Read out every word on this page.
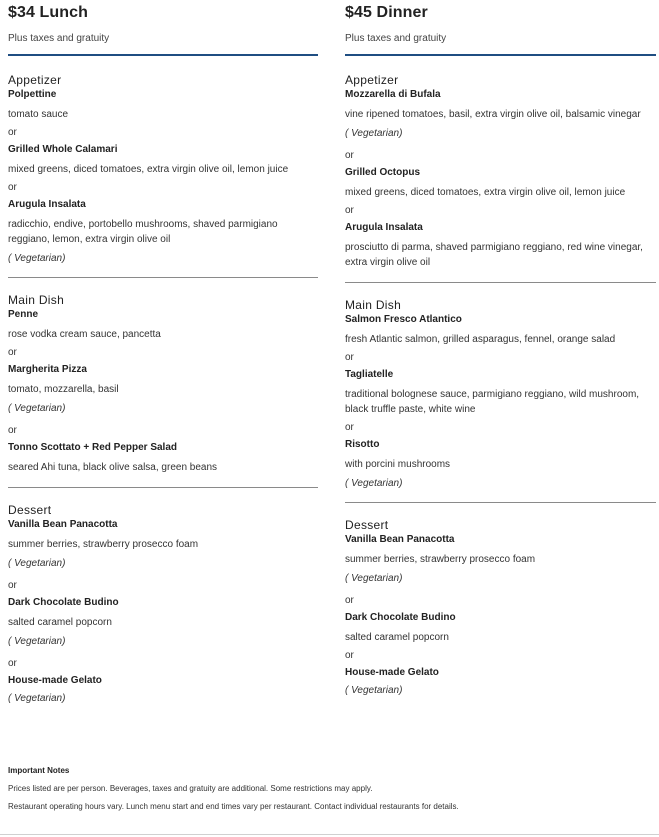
$34 Lunch
Plus taxes and gratuity
Appetizer
Polpettine
tomato sauce
or
Grilled Whole Calamari
mixed greens, diced tomatoes, extra virgin olive oil, lemon juice
or
Arugula Insalata
radicchio, endive, portobello mushrooms, shaved parmigiano reggiano, lemon, extra virgin olive oil
( Vegetarian)
Main Dish
Penne
rose vodka cream sauce, pancetta
or
Margherita Pizza
tomato, mozzarella, basil
( Vegetarian)
or
Tonno Scottato + Red Pepper Salad
seared Ahi tuna, black olive salsa, green beans
Dessert
Vanilla Bean Panacotta
summer berries, strawberry prosecco foam
( Vegetarian)
or
Dark Chocolate Budino
salted caramel popcorn
( Vegetarian)
or
House-made Gelato
( Vegetarian)
$45 Dinner
Plus taxes and gratuity
Appetizer
Mozzarella di Bufala
vine ripened tomatoes, basil, extra virgin olive oil, balsamic vinegar
( Vegetarian)
or
Grilled Octopus
mixed greens, diced tomatoes, extra virgin olive oil, lemon juice
or
Arugula Insalata
prosciutto di parma, shaved parmigiano reggiano, red wine vinegar, extra virgin olive oil
Main Dish
Salmon Fresco Atlantico
fresh Atlantic salmon, grilled asparagus, fennel, orange salad
or
Tagliatelle
traditional bolognese sauce, parmigiano reggiano, wild mushroom, black truffle paste, white wine
or
Risotto
with porcini mushrooms
( Vegetarian)
Dessert
Vanilla Bean Panacotta
summer berries, strawberry prosecco foam
( Vegetarian)
or
Dark Chocolate Budino
salted caramel popcorn
or
House-made Gelato
( Vegetarian)
Important Notes
Prices listed are per person. Beverages, taxes and gratuity are additional. Some restrictions may apply.
Restaurant operating hours vary. Lunch menu start and end times vary per restaurant. Contact individual restaurants for details.
